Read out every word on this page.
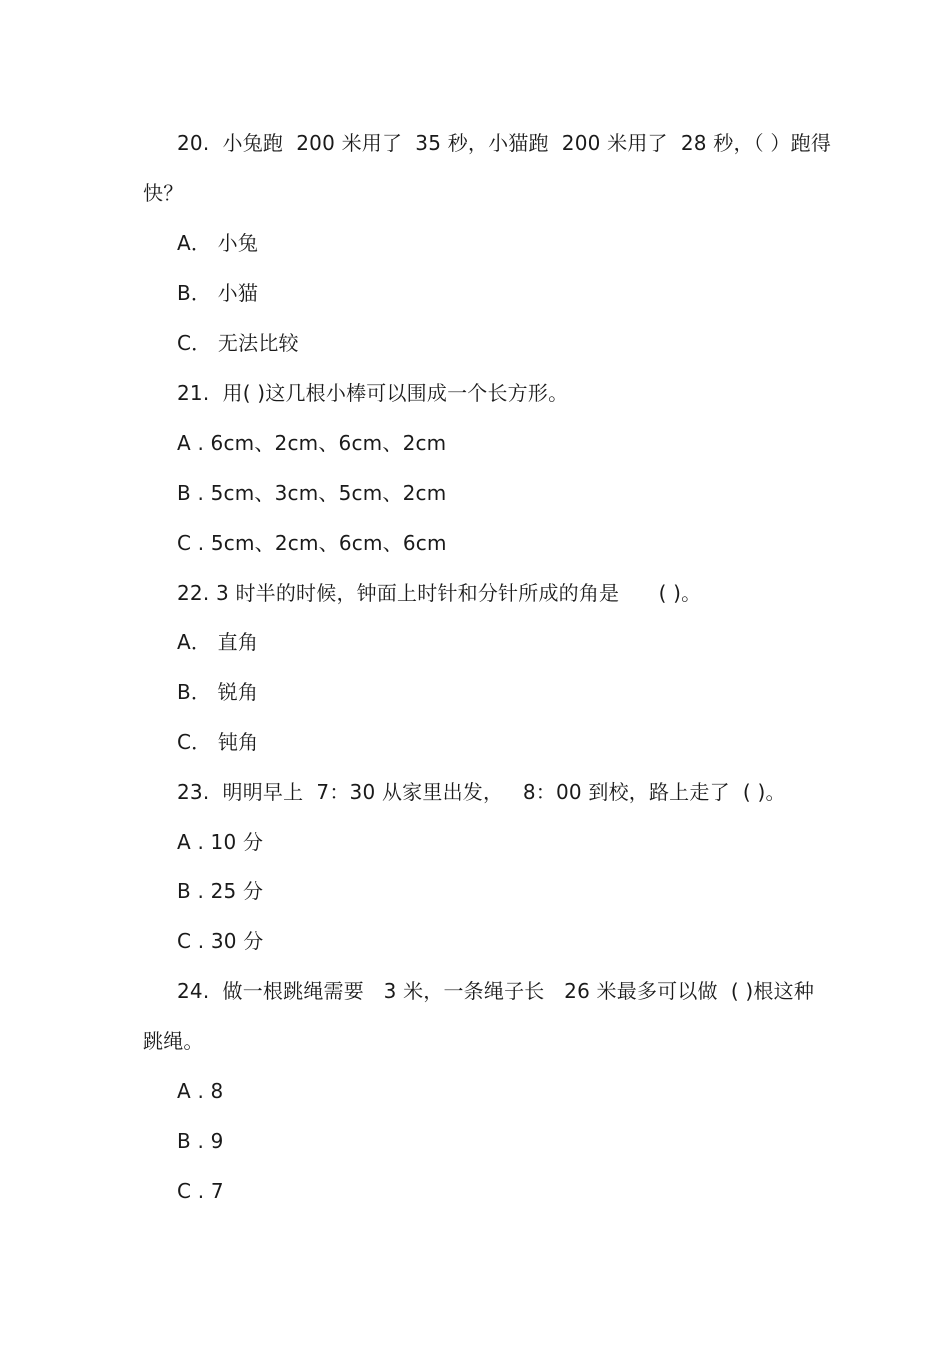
20.  小兔跑  200 米用了  35 秒，小猫跑  200 米用了  28 秒，（ ）跑得
快？
A． 小兔
B． 小猫
C． 无法比较
21.  用( )这几根小棒可以围成一个长方形。
A . 6cm、2cm、6cm、2cm
B . 5cm、3cm、5cm、2cm
C . 5cm、2cm、6cm、6cm
22. 3 时半的时候，钟面上时针和分针所成的角是      ( )。
A． 直角
B． 锐角
C． 钝角
23.  明明早上  7：30 从家里出发，   8：00 到校，路上走了  ( )。
A . 10 分
B . 25 分
C . 30 分
24.  做一根跳绳需要   3 米，一条绳子长   26 米最多可以做  ( )根这种
跳绳。
A . 8
B . 9
C . 7
